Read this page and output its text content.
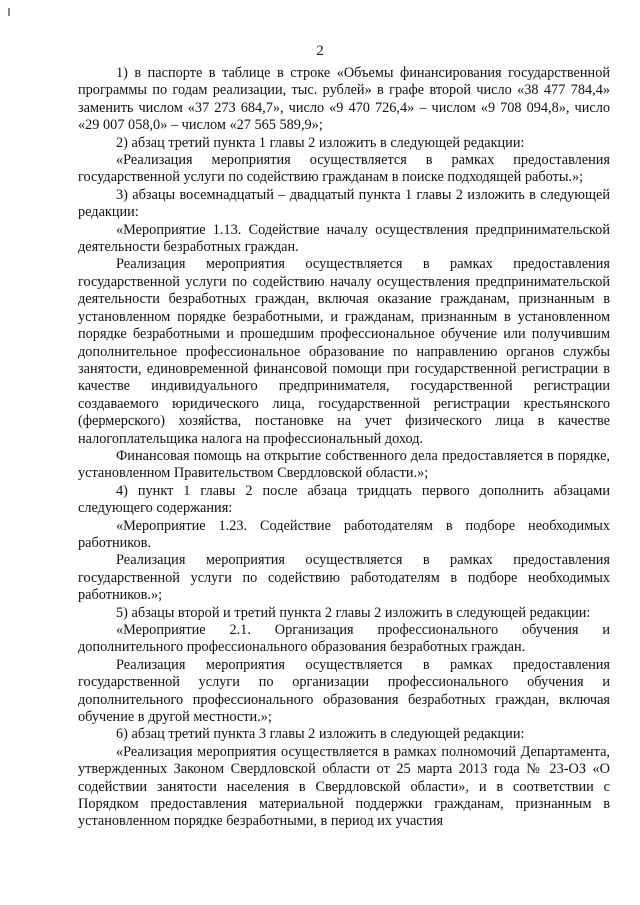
2

1) в паспорте в таблице в строке «Объемы финансирования государственной программы по годам реализации, тыс. рублей» в графе второй число «38 477 784,4» заменить числом «37 273 684,7», число «9 470 726,4» – числом «9 708 094,8», число «29 007 058,0» – числом «27 565 589,9»;

2) абзац третий пункта 1 главы 2 изложить в следующей редакции:

«Реализация мероприятия осуществляется в рамках предоставления государственной услуги по содействию гражданам в поиске подходящей работы.»;

3) абзацы восемнадцатый – двадцатый пункта 1 главы 2 изложить в следующей редакции:

«Мероприятие 1.13. Содействие началу осуществления предпринимательской деятельности безработных граждан.

Реализация мероприятия осуществляется в рамках предоставления государственной услуги по содействию началу осуществления предпринимательской деятельности безработных граждан, включая оказание гражданам, признанным в установленном порядке безработными, и гражданам, признанным в установленном порядке безработными и прошедшим профессиональное обучение или получившим дополнительное профессиональное образование по направлению органов службы занятости, единовременной финансовой помощи при государственной регистрации в качестве индивидуального предпринимателя, государственной регистрации создаваемого юридического лица, государственной регистрации крестьянского (фермерского) хозяйства, постановке на учет физического лица в качестве налогоплательщика налога на профессиональный доход.

Финансовая помощь на открытие собственного дела предоставляется в порядке, установленном Правительством Свердловской области.»;

4) пункт 1 главы 2 после абзаца тридцать первого дополнить абзацами следующего содержания:

«Мероприятие 1.23. Содействие работодателям в подборе необходимых работников.

Реализация мероприятия осуществляется в рамках предоставления государственной услуги по содействию работодателям в подборе необходимых работников.»;

5) абзацы второй и третий пункта 2 главы 2 изложить в следующей редакции:

«Мероприятие 2.1. Организация профессионального обучения и дополнительного профессионального образования безработных граждан.

Реализация мероприятия осуществляется в рамках предоставления государственной услуги по организации профессионального обучения и дополнительного профессионального образования безработных граждан, включая обучение в другой местности.»;

6) абзац третий пункта 3 главы 2 изложить в следующей редакции:

«Реализация мероприятия осуществляется в рамках полномочий Департамента, утвержденных Законом Свердловской области от 25 марта 2013 года № 23-ОЗ «О содействии занятости населения в Свердловской области», и в соответствии с Порядком предоставления материальной поддержки гражданам, признанным в установленном порядке безработными, в период их участия
